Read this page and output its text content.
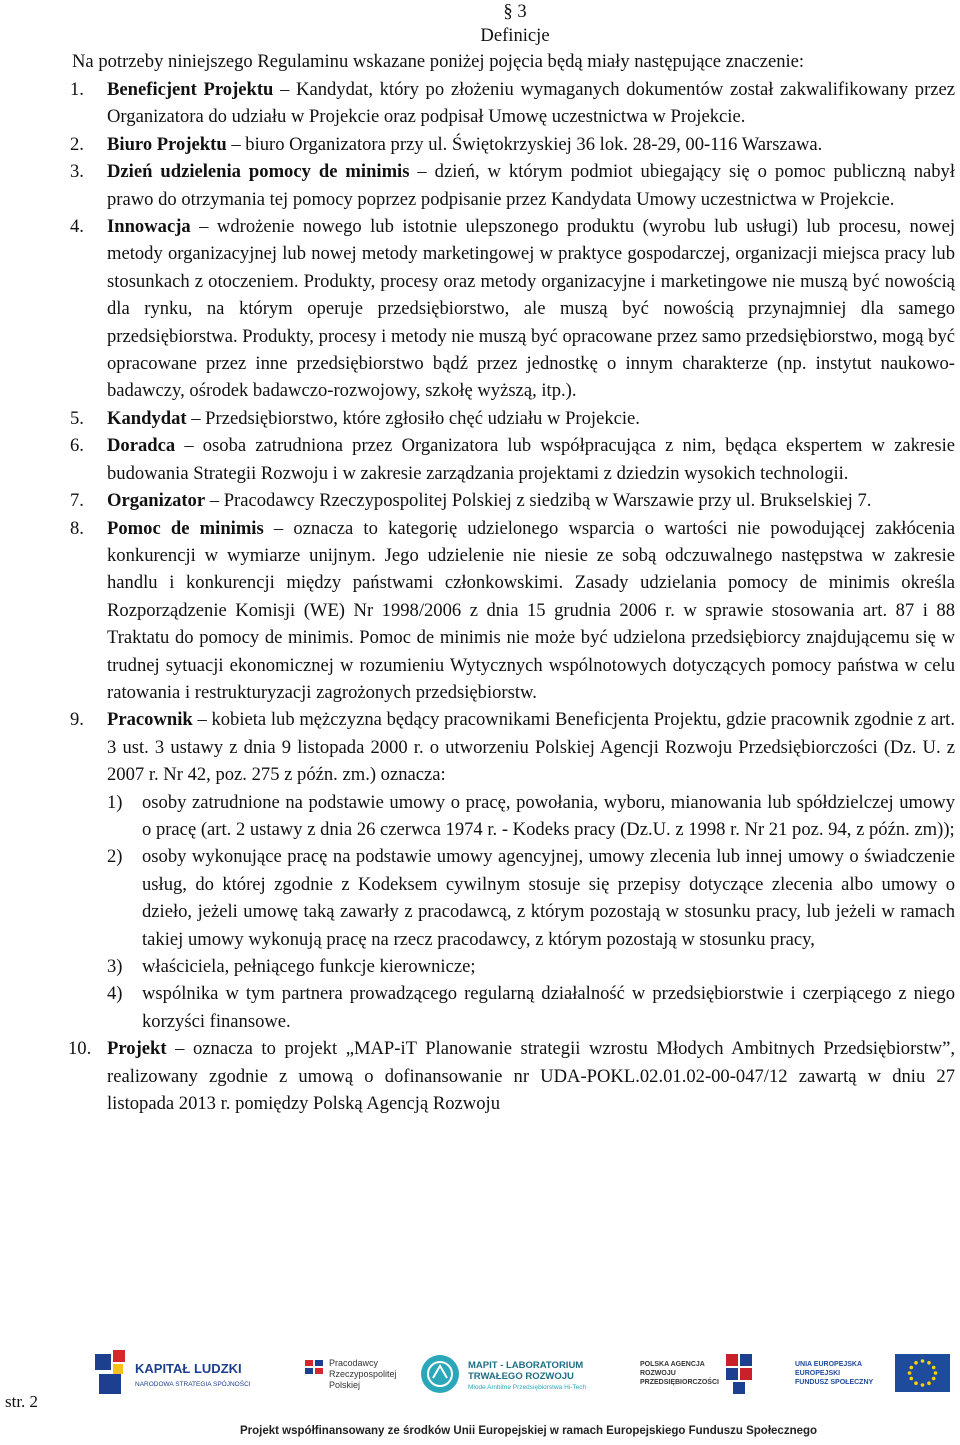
§ 3
Definicje
Na potrzeby niniejszego Regulaminu wskazane poniżej pojęcia będą miały następujące znaczenie:
1. Beneficjent Projektu – Kandydat, który po złożeniu wymaganych dokumentów został zakwalifikowany przez Organizatora do udziału w Projekcie oraz podpisał Umowę uczestnictwa w Projekcie.
2. Biuro Projektu – biuro Organizatora przy ul. Świętokrzyskiej 36 lok. 28-29, 00-116 Warszawa.
3. Dzień udzielenia pomocy de minimis – dzień, w którym podmiot ubiegający się o pomoc publiczną nabył prawo do otrzymania tej pomocy poprzez podpisanie przez Kandydata Umowy uczestnictwa w Projekcie.
4. Innowacja – wdrożenie nowego lub istotnie ulepszonego produktu (wyrobu lub usługi) lub procesu, nowej metody organizacyjnej lub nowej metody marketingowej w praktyce gospodarczej, organizacji miejsca pracy lub stosunkach z otoczeniem. Produkty, procesy oraz metody organizacyjne i marketingowe nie muszą być nowością dla rynku, na którym operuje przedsiębiorstwo, ale muszą być nowością przynajmniej dla samego przedsiębiorstwa. Produkty, procesy i metody nie muszą być opracowane przez samo przedsiębiorstwo, mogą być opracowane przez inne przedsiębiorstwo bądź przez jednostkę o innym charakterze (np. instytut naukowo-badawczy, ośrodek badawczo-rozwojowy, szkołę wyższą, itp.).
5. Kandydat – Przedsiębiorstwo, które zgłosiło chęć udziału w Projekcie.
6. Doradca – osoba zatrudniona przez Organizatora lub współpracująca z nim, będąca ekspertem w zakresie budowania Strategii Rozwoju i w zakresie zarządzania projektami z dziedzin wysokich technologii.
7. Organizator – Pracodawcy Rzeczypospolitej Polskiej z siedzibą w Warszawie przy ul. Brukselskiej 7.
8. Pomoc de minimis – oznacza to kategorię udzielonego wsparcia o wartości nie powodującej zakłócenia konkurencji w wymiarze unijnym. Jego udzielenie nie niesie ze sobą odczuwalnego następstwa w zakresie handlu i konkurencji między państwami członkowskimi. Zasady udzielania pomocy de minimis określa Rozporządzenie Komisji (WE) Nr 1998/2006 z dnia 15 grudnia 2006 r. w sprawie stosowania art. 87 i 88 Traktatu do pomocy de minimis. Pomoc de minimis nie może być udzielona przedsiębiorcy znajdującemu się w trudnej sytuacji ekonomicznej w rozumieniu Wytycznych wspólnotowych dotyczących pomocy państwa w celu ratowania i restrukturyzacji zagrożonych przedsiębiorstw.
9. Pracownik – kobieta lub mężczyzna będący pracownikami Beneficjenta Projektu, gdzie pracownik zgodnie z art. 3 ust. 3 ustawy z dnia 9 listopada 2000 r. o utworzeniu Polskiej Agencji Rozwoju Przedsiębiorczości (Dz. U. z 2007 r. Nr 42, poz. 275 z późn. zm.) oznacza:
1) osoby zatrudnione na podstawie umowy o pracę, powołania, wyboru, mianowania lub spółdzielczej umowy o pracę (art. 2 ustawy z dnia 26 czerwca 1974 r. - Kodeks pracy (Dz.U. z 1998 r. Nr 21 poz. 94, z późn. zm));
2) osoby wykonujące pracę na podstawie umowy agencyjnej, umowy zlecenia lub innej umowy o świadczenie usług, do której zgodnie z Kodeksem cywilnym stosuje się przepisy dotyczące zlecenia albo umowy o dzieło, jeżeli umowę taką zawarły z pracodawcą, z którym pozostają w stosunku pracy, lub jeżeli w ramach takiej umowy wykonują pracę na rzecz pracodawcy, z którym pozostają w stosunku pracy,
3) właściciela, pełniącego funkcje kierownicze;
4) wspólnika w tym partnera prowadzącego regularną działalność w przedsiębiorstwie i czerpiącego z niego korzyści finansowe.
10. Projekt – oznacza to projekt „MAP-iT Planowanie strategii wzrostu Młodych Ambitnych Przedsiębiorstw”, realizowany zgodnie z umową o dofinansowanie nr UDA-POKL.02.01.02-00-047/12 zawartą w dniu 27 listopada 2013 r. pomiędzy Polską Agencją Rozwoju
str. 2
KAPITAŁ LUDZKI
NARODOWA STRATEGIA SPÓJNOŚCI
Pracodawcy
Rzeczypospolitej
Polskiej
MAPIT - LABORATORIUM
TRWAŁEGO ROZWOJU
Młode Ambitne Przedsiębiorstwa Hi-Tech
POLSKA AGENCJA
ROZWOJU
PRZEDSIĘBIORCZOŚCI
UNIA EUROPEJSKA
EUROPEJSKI
FUNDUSZ SPOŁECZNY
Projekt współfinansowany ze środków Unii Europejskiej w ramach Europejskiego Funduszu Społecznego
